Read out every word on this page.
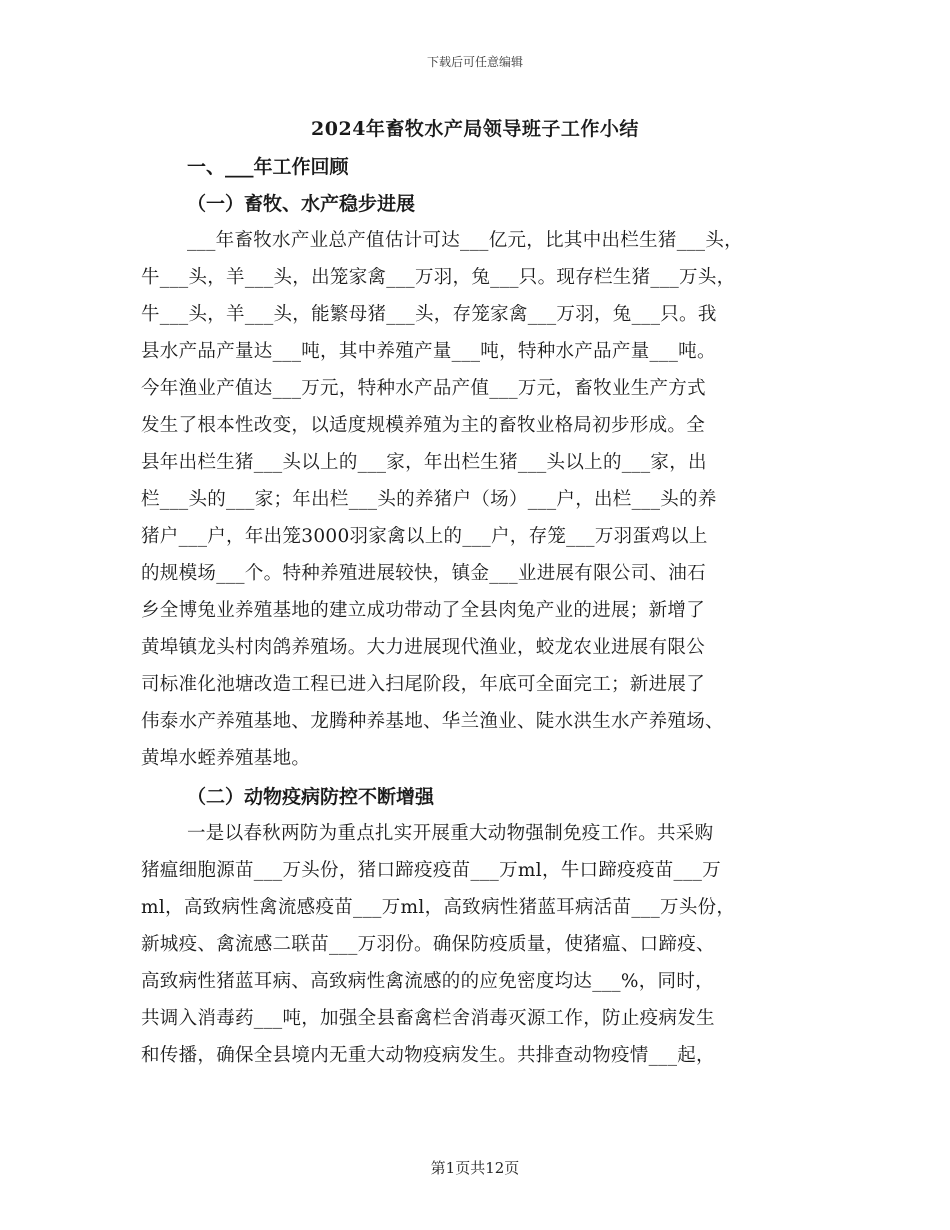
下载后可任意编辑
2024年畜牧水产局领导班子工作小结
一、___年工作回顾
（一）畜牧、水产稳步进展
___年畜牧水产业总产值估计可达___亿元，比其中出栏生猪___头，
牛___头，羊___头，出笼家禽___万羽，兔___只。现存栏生猪___万头，
牛___头，羊___头，能繁母猪___头，存笼家禽___万羽，兔___只。我
县水产品产量达___吨，其中养殖产量___吨，特种水产品产量___吨。
今年渔业产值达___万元，特种水产品产值___万元，畜牧业生产方式
发生了根本性改变，以适度规模养殖为主的畜牧业格局初步形成。全
县年出栏生猪___头以上的___家，年出栏生猪___头以上的___家，出
栏___头的___家；年出栏___头的养猪户（场）___户，出栏___头的养
猪户___户，年出笼3000羽家禽以上的___户，存笼___万羽蛋鸡以上
的规模场___个。特种养殖进展较快，镇金___业进展有限公司、油石
乡全博兔业养殖基地的建立成功带动了全县肉兔产业的进展；新增了
黄埠镇龙头村肉鸽养殖场。大力进展现代渔业，蛟龙农业进展有限公
司标准化池塘改造工程已进入扫尾阶段，年底可全面完工；新进展了
伟泰水产养殖基地、龙腾种养基地、华兰渔业、陡水洪生水产养殖场、
黄埠水蛭养殖基地。
（二）动物疫病防控不断增强
一是以春秋两防为重点扎实开展重大动物强制免疫工作。共采购
猪瘟细胞源苗___万头份，猪口蹄疫疫苗___万ml，牛口蹄疫疫苗___万
ml，高致病性禽流感疫苗___万ml，高致病性猪蓝耳病活苗___万头份，
新城疫、禽流感二联苗___万羽份。确保防疫质量，使猪瘟、口蹄疫、
高致病性猪蓝耳病、高致病性禽流感的的应免密度均达___%，同时，
共调入消毒药___吨，加强全县畜禽栏舍消毒灭源工作，防止疫病发生
和传播，确保全县境内无重大动物疫病发生。共排查动物疫情___起，
第1页共12页
